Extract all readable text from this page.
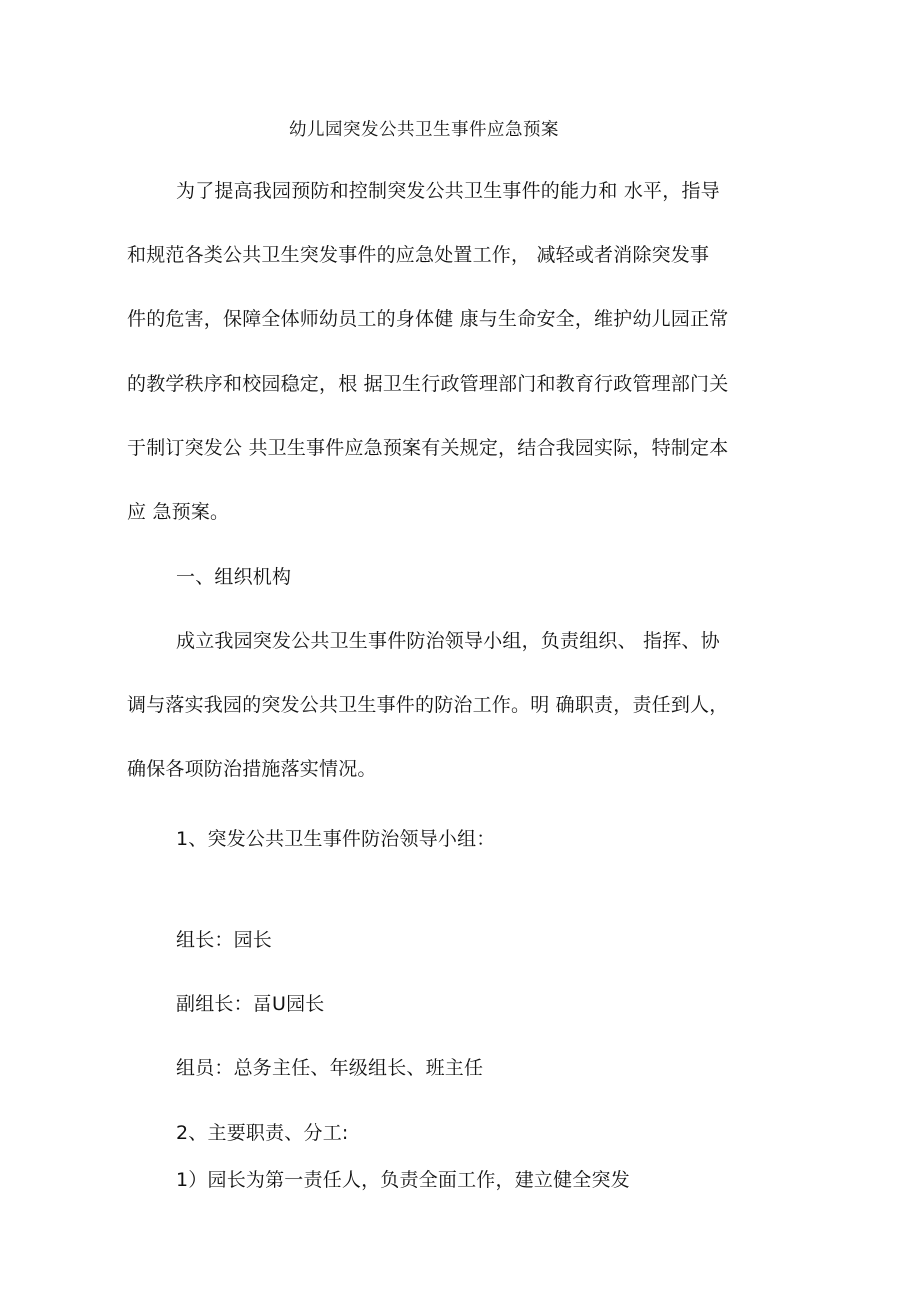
幼儿园突发公共卫生事件应急预案
为了提高我园预防和控制突发公共卫生事件的能力和 水平，指导
和规范各类公共卫生突发事件的应急处置工作， 减轻或者消除突发事
件的危害，保障全体师幼员工的身体健 康与生命安全，维护幼儿园正常
的教学秩序和校园稳定，根 据卫生行政管理部门和教育行政管理部门关
于制订突发公 共卫生事件应急预案有关规定，结合我园实际，特制定本
应 急预案。
一、组织机构
成立我园突发公共卫生事件防治领导小组，负责组织、 指挥、协
调与落实我园的突发公共卫生事件的防治工作。明 确职责，责任到人，
确保各项防治措施落实情况。
1、突发公共卫生事件防治领导小组：
组长：园长
副组长：畐U园长
组员：总务主任、年级组长、班主任
2、主要职责、分工:
1）园长为第一责任人，负责全面工作，建立健全突发
